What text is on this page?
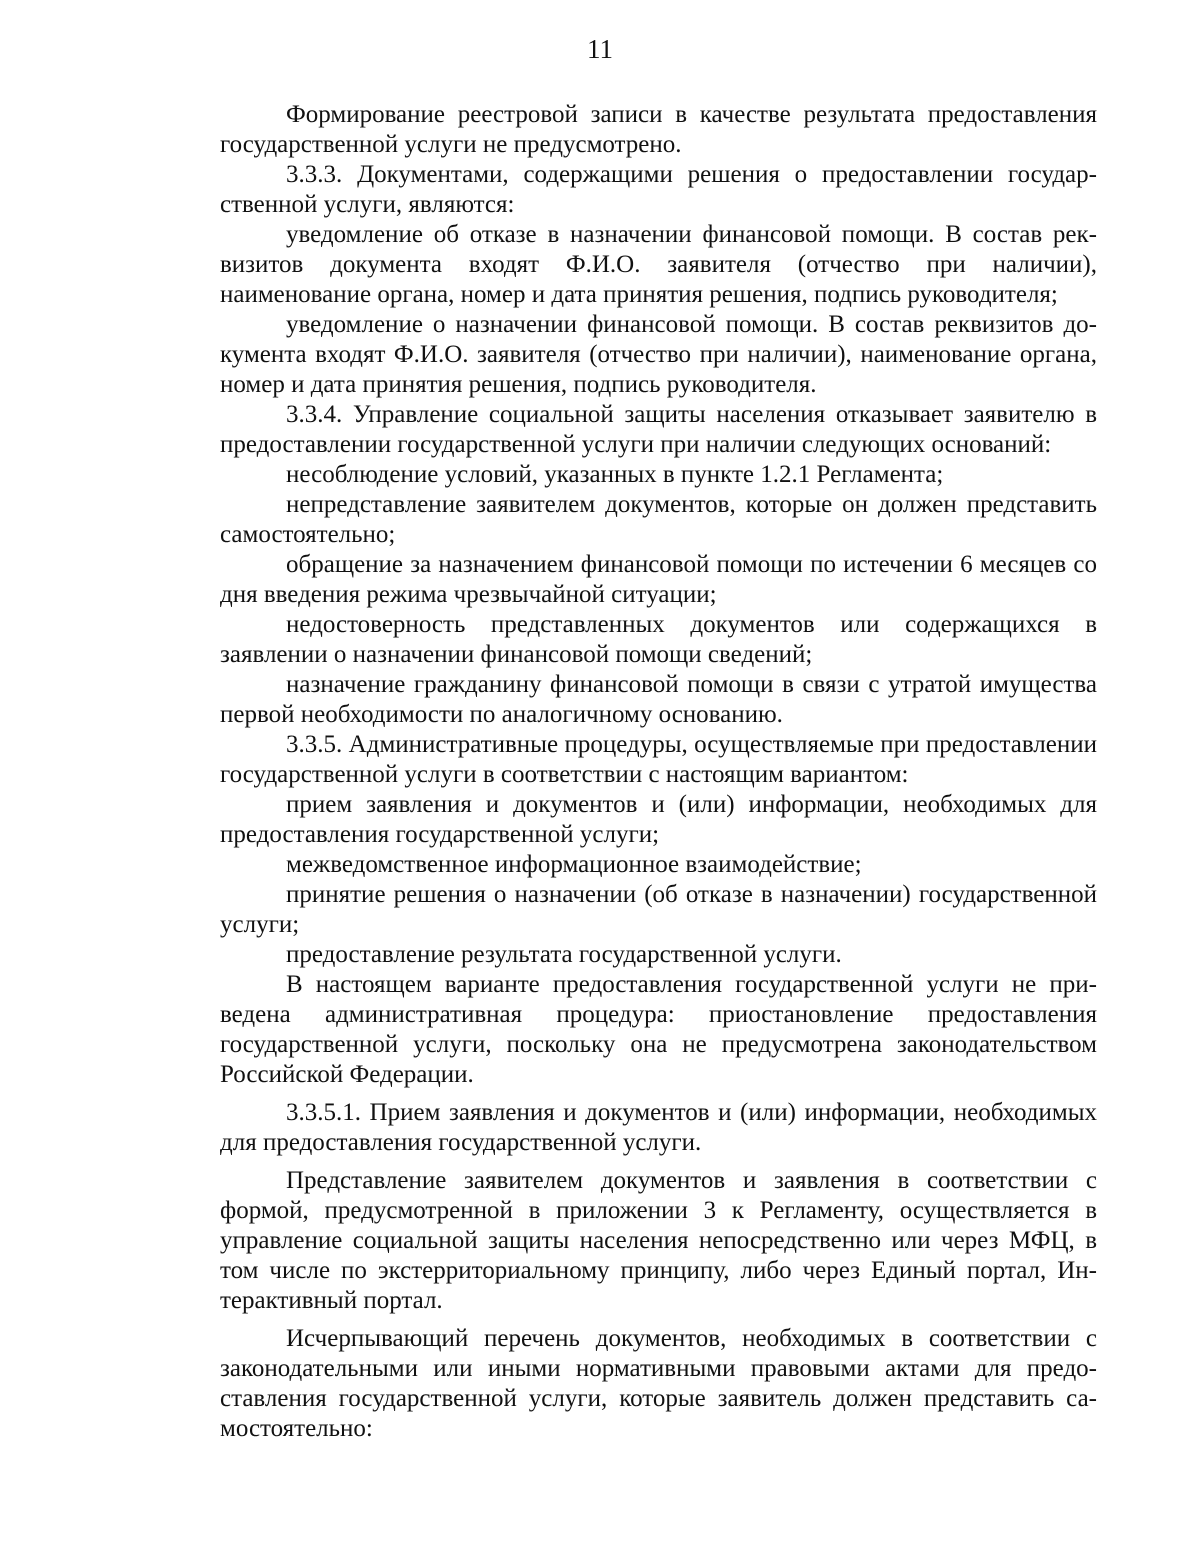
11

Формирование реестровой записи в качестве результата предоставления государственной услуги не предусмотрено.

3.3.3. Документами, содержащими решения о предоставлении государственной услуги, являются:

уведомление об отказе в назначении финансовой помощи. В состав реквизитов документа входят Ф.И.О. заявителя (отчество при наличии), наименование органа, номер и дата принятия решения, подпись руководителя;

уведомление о назначении финансовой помощи. В состав реквизитов документа входят Ф.И.О. заявителя (отчество при наличии), наименование органа, номер и дата принятия решения, подпись руководителя.

3.3.4. Управление социальной защиты населения отказывает заявителю в предоставлении государственной услуги при наличии следующих оснований:

несоблюдение условий, указанных в пункте 1.2.1 Регламента;

непредставление заявителем документов, которые он должен представить самостоятельно;

обращение за назначением финансовой помощи по истечении 6 месяцев со дня введения режима чрезвычайной ситуации;

недостоверность представленных документов или содержащихся в заявлении о назначении финансовой помощи сведений;

назначение гражданину финансовой помощи в связи с утратой имущества первой необходимости по аналогичному основанию.

3.3.5. Административные процедуры, осуществляемые при предоставлении государственной услуги в соответствии с настоящим вариантом:

прием заявления и документов и (или) информации, необходимых для предоставления государственной услуги;

межведомственное информационное взаимодействие;

принятие решения о назначении (об отказе в назначении) государственной услуги;

предоставление результата государственной услуги.

В настоящем варианте предоставления государственной услуги не приведена административная процедура: приостановление предоставления государственной услуги, поскольку она не предусмотрена законодательством Российской Федерации.

3.3.5.1. Прием заявления и документов и (или) информации, необходимых для предоставления государственной услуги.

Представление заявителем документов и заявления в соответствии с формой, предусмотренной в приложении 3 к Регламенту, осуществляется в управление социальной защиты населения непосредственно или через МФЦ, в том числе по экстерриториальному принципу, либо через Единый портал, Интерактивный портал.

Исчерпывающий перечень документов, необходимых в соответствии с законодательными или иными нормативными правовыми актами для предоставления государственной услуги, которые заявитель должен представить самостоятельно:
